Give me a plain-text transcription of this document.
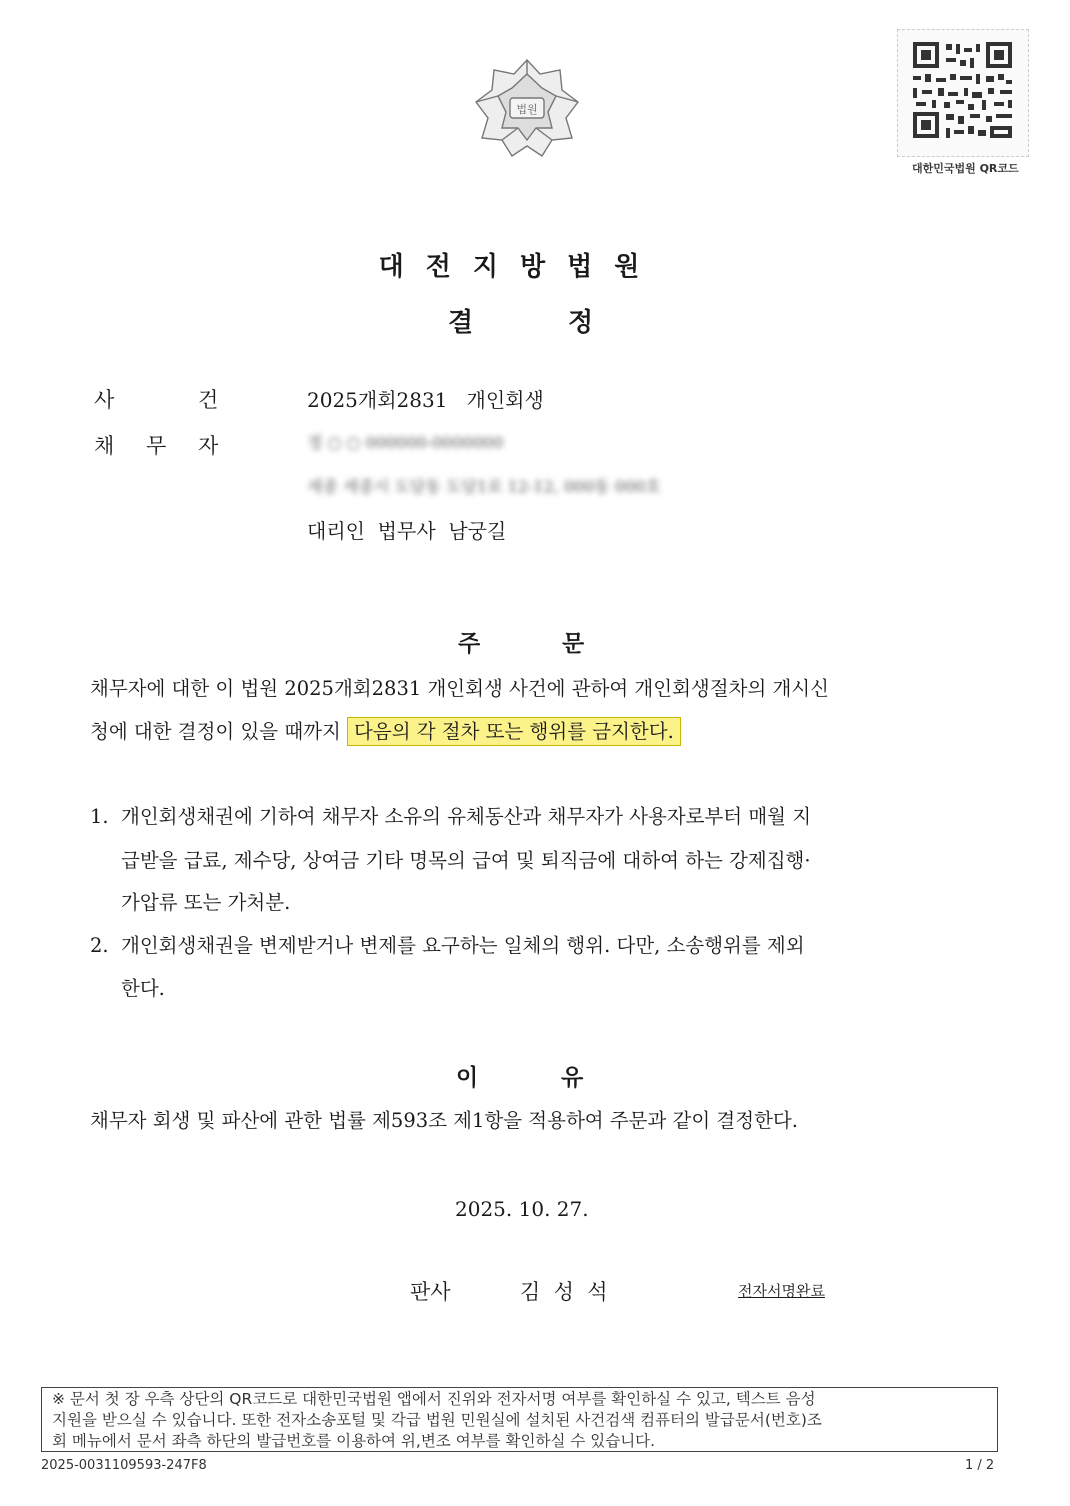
법원
대한민국법원 QR코드
대전지방법원
결	정
사	건	2025개회2831   개인회생
채 무 자	정 ○ ○ 000000-0000000
세종 세종시 도담동 도담1로 12-12, 000동 000호
대리인  법무사  남궁길
주	문
채무자에 대한 이 법원 2025개회2831 개인회생 사건에 관하여 개인회생절차의 개시신
청에 대한 결정이 있을 때까지 다음의 각 절차 또는 행위를 금지한다.
1.  개인회생채권에 기하여 채무자 소유의 유체동산과 채무자가 사용자로부터 매월 지
급받을 급료, 제수당, 상여금 기타 명목의 급여 및 퇴직금에 대하여 하는 강제집행·
가압류 또는 가처분.
2.  개인회생채권을 변제받거나 변제를 요구하는 일체의 행위. 다만, 소송행위를 제외
한다.
이	유
채무자 회생 및 파산에 관한 법률 제593조 제1항을 적용하여 주문과 같이 결정한다.
2025. 10. 27.
판사	김  성  석	전자서명완료
※ 문서 첫 장 우측 상단의 QR코드로 대한민국법원 앱에서 진위와 전자서명 여부를 확인하실 수 있고, 텍스트 음성
지원을 받으실 수 있습니다. 또한 전자소송포털 및 각급 법원 민원실에 설치된 사건검색 컴퓨터의 발급문서(번호)조
회 메뉴에서 문서 좌측 하단의 발급번호를 이용하여 위,변조 여부를 확인하실 수 있습니다.
2025-0031109593-247F8	1 / 2
